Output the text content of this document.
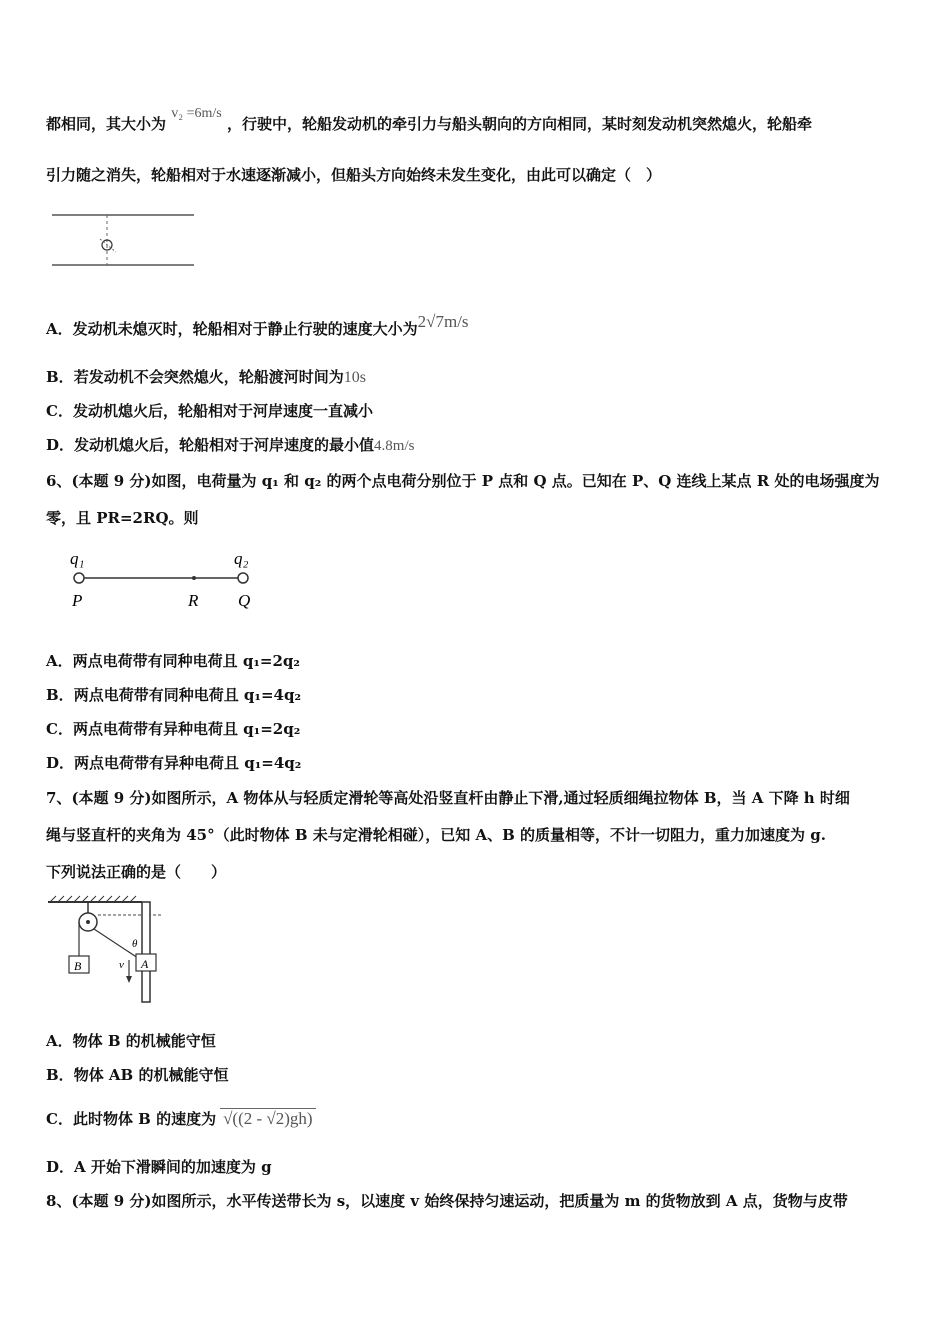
都相同，其大小为 v₂ =6m/s ，行驶中，轮船发动机的牵引力与船头朝向的方向相同，某时刻发动机突然熄火，轮船牵
引力随之消失，轮船相对于水速逐渐减小，但船头方向始终未发生变化，由此可以确定（　）
A．发动机未熄灭时，轮船相对于静止行驶的速度大小为2√7m/s
B．若发动机不会突然熄火，轮船渡河时间为10s
C．发动机熄火后，轮船相对于河岸速度一直减小
D．发动机熄火后，轮船相对于河岸速度的最小值4.8m/s
6、(本题 9 分)如图，电荷量为 q₁ 和 q₂ 的两个点电荷分别位于 P 点和 Q 点。已知在 P、Q 连线上某点 R 处的电场强度为
零，且 PR=2RQ。则
q₁	q₂
P	R Q
A．两点电荷带有同种电荷且 q₁=2q₂
B．两点电荷带有同种电荷且 q₁=4q₂
C．两点电荷带有异种电荷且 q₁=2q₂
D．两点电荷带有异种电荷且 q₁=4q₂
7、(本题 9 分)如图所示，A 物体从与轻质定滑轮等高处沿竖直杆由静止下滑,通过轻质细绳拉物体 B，当 A 下降 h 时细
绳与竖直杆的夹角为 45°（此时物体 B 未与定滑轮相碰），已知 A、B 的质量相等，不计一切阻力，重力加速度为 g.
下列说法正确的是（　　）
B	A
θ
v
A．物体 B 的机械能守恒
B．物体 AB 的机械能守恒
C．此时物体 B 的速度为 √((2 - √2)gh)
D．A 开始下滑瞬间的加速度为 g
8、(本题 9 分)如图所示，水平传送带长为 s，以速度 v 始终保持匀速运动，把质量为 m 的货物放到 A 点，货物与皮带
